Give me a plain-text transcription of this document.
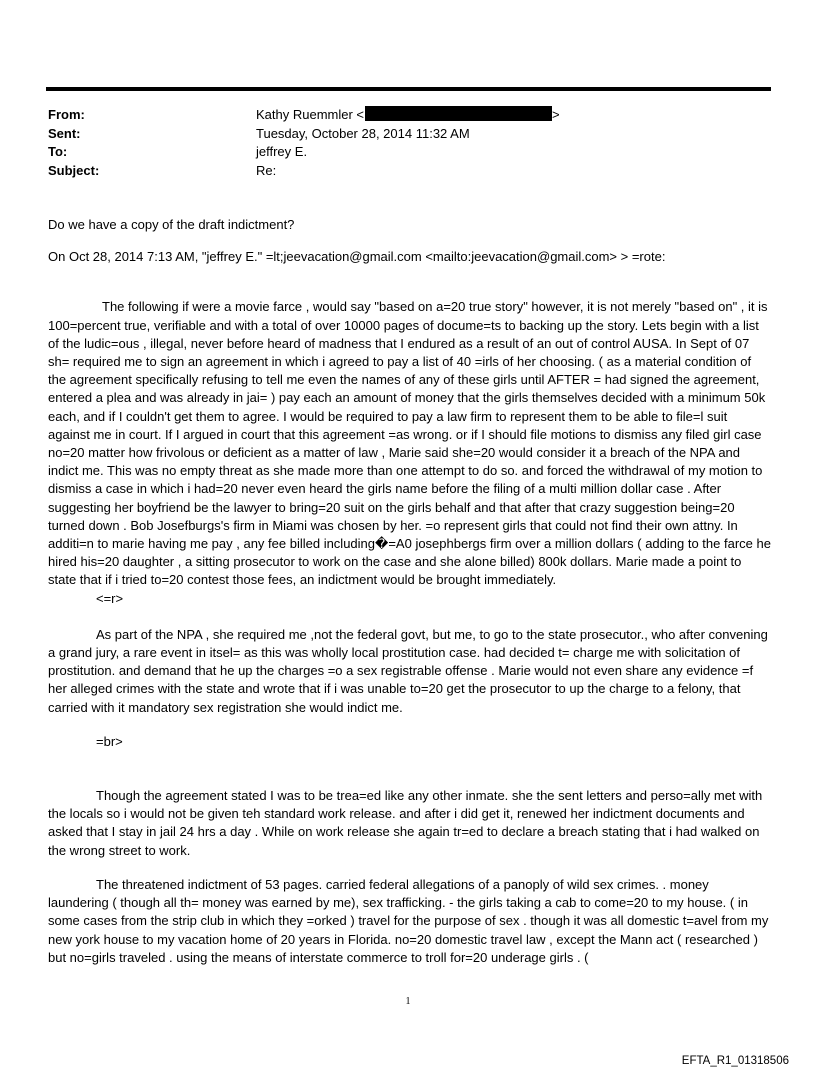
From:	Kathy Ruemmler <	>
Sent:	Tuesday, October 28, 2014 11:32 AM
To:	jeffrey E.
Subject:	Re:

Do we have a copy of the draft indictment?

On Oct 28, 2014 7:13 AM, "jeffrey E." =lt;jeevacation@gmail.com <mailto:jeevacation@gmail.com> > =rote:

The following if were a movie farce , would say "based on a=20 true story" however, it is not merely "based on" , it is 100=percent true, verifiable and with a total of over 10000 pages of docume=ts to backing up the story. Lets begin with a list of the ludic=ous , illegal, never before heard of madness that I endured as a result of an out of control AUSA. In Sept of 07 sh= required me to sign an agreement in which i agreed to pay a list of 40 =irls of her choosing. ( as a material condition of the agreement specifically refusing to tell me even the names of any of these girls until AFTER = had signed the agreement, entered a plea and was already in jai= ) pay each an amount of money that the girls themselves decided with a minimum 50k each, and if I couldn't get them to agree. I would be required to pay a law firm to represent them to be able to file=l suit against me in court. If I argued in court that this agreement =as wrong. or if I should file motions to dismiss any filed girl case no=20 matter how frivolous or deficient as a matter of law , Marie said she=20 would consider it a breach of the NPA and indict me. This was no empty threat as she made more than one attempt to do so. and forced the withdrawal of my motion to dismiss a case in which i had=20 never even heard the girls name before the filing of a multi million dollar case . After suggesting her boyfriend be the lawyer to bring=20 suit on the girls behalf and that after that crazy suggestion being=20 turned down . Bob Josefburgs's firm in Miami was chosen by her. =o represent girls that could not find their own attny. In additi=n to marie having me pay , any fee billed including�=A0 josephbergs firm over a million dollars ( adding to the farce he hired his=20 daughter , a sitting prosecutor to work on the case and she alone billed) 800k dollars. Marie made a point to state that if i tried to=20 contest those fees, an indictment would be brought immediately.

<=r>

As part of the NPA , she required me ,not the federal govt, but me, to go to the state prosecutor., who after convening a grand jury, a rare event in itsel= as this was wholly local prostitution case. had decided t= charge me with solicitation of prostitution. and demand that he up the charges =o a sex registrable offense . Marie would not even share any evidence =f her alleged crimes with the state and wrote that if i was unable to=20 get the prosecutor to up the charge to a felony, that carried with it mandatory sex registration she would indict me.

=br>

Though the agreement stated I was to be trea=ed like any other inmate. she the sent letters and perso=ally met with the locals so i would not be given teh standard work release. and after i did get it, renewed her indictment documents and asked that I stay in jail 24 hrs a day . While on work release she again tr=ed to declare a breach stating that i had walked on the wrong street to work.

The threatened indictment of 53 pages. carried federal allegations of a panoply of wild sex crimes. . money laundering ( though all th= money was earned by me), sex trafficking. - the girls taking a cab to come=20 to my house. ( in some cases from the strip club in which they =orked ) travel for the purpose of sex . though it was all domestic t=avel from my new york house to my vacation home of 20 years in Florida. no=20 domestic travel law , except the Mann act ( researched ) but no=girls traveled . using the means of interstate commerce to troll for=20 underage girls . (

1
EFTA_R1_01318506
